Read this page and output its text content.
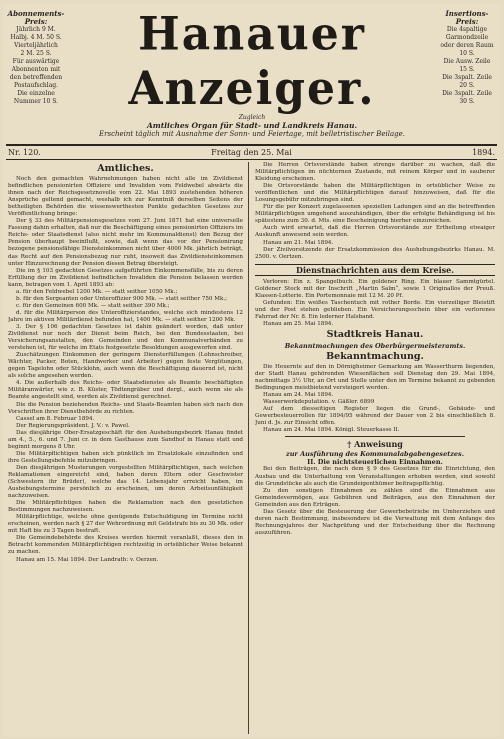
Abonnements-Preis:
Jährlich 9 M.
Halbj. 4 M. 50 S.
Vierteljährlich
2 M. 25 S.
Für auswärtige
Abonnenten mit
den betreffenden
Postaufschlag.
Die einzelne
Nummer 10 S.
Hanauer Anzeiger.
Zugleich
Amtliches Organ für Stadt- und Landkreis Hanau.
Erscheint täglich mit Ausnahme der Sonn- und Feiertage, mit belletristischer Beilage.
Insertions-Preis:
Die 4spaltige
Garmondzeile
oder deren Raum
10 S.
Die Ausw. Zeile
15 S.
Die 3spalt. Zeile
20 S.
Die 3spalt. Zeile
30 S.
Nr. 120.	Freitag den 25. Mai	1894.
Amtliches.

Noch den gemachten Wahrnehmungen haben nicht alle im Zivildienst befindlichen pensionirten Offiziere und Invaliden vom Feldwebel abwärts die ihnen nach der Reichsgesetznovelle vom 22. Mai 1893 zustehenden höheren Ansprüche geltend gemacht, weshalb ich zur Kenntniß derselben Seitens der betheiligten Behörden die wissenswerthesten Punkte gedachten Gesetzes zur Veröffentlichung bringe:

Der § 33 des Militärpensionsgesetzes vom 27. Juni 1871 hat eine universelle Fassung dahin erhalten, daß nur die Beschäftigung eines pensionirten Offiziers im Reichs- oder Staatsdienst (also nicht mehr im Kommunaldienst) den Bezug der Pension überhaupt beeinflußt, sowie, daß wenn das vor der Pensionirung bezogene pensionsfähige Diensteinkommen nicht über 4000 Mk. jährlich beträgt, das Recht auf den Pensionsbezug nur ruht, insoweit das Zivildiensteinkommen unter Hinzurechnung der Pension diesen Betrag übersteigt.

Die im § 103 gedachten Gesetzes aufgeführten Einkommensfälle, bis zu deren Erfüllung der im Zivildienst befindlichen Invaliden die Pension belassen werden kann, betragen vom 1. April 1893 ab:

a. für den Feldwebel 1200 Mk. — statt seither 1050 Mk.;

b. für den Sergeanten oder Unteroffizier 900 Mk. — statt seither 750 Mk.;

c. für den Gemeinen 600 Mk. — statt seither 390 Mk.;

d. für die Militärperson des Unteroffizierstandes, welche sich mindestens 12 Jahre im aktiven Militärdienst befunden hat, 1400 Mk. — statt seither 1200 Mk.

3. Der § 106 gedachten Gesetzes ist dahin geändert worden, daß unter Zivildienst nur noch der Dienst beim Reich, bei den Bundesstaaten, bei Versicherungsanstalten, den Gemeinden und den Kommunalverbänden zu verstehen ist, für welche im Etats festgesetzte Besoldungen ausgeworfen sind.

Zuschätzungen Einkommen der geringern Diensterfüllungen (Lohnschreiber, Wächter, Packer, Boten, Handwerker und Arbeiter) gegen feste Vergütungen, gegen Tagelohn oder Stücklohn, auch wenn die Beschäftigung dauernd ist, nicht als solche angesehen werden.

4. Die außerhalb des Reichs- oder Staatsdienstes als Beamte beschäftigten Militäranwärter, wie z. B. Küster, Tödtengräber und dergl., auch wenn sie als Beamte angestellt sind, werden als Zivildienst gerechnet.

Die die Pension beziehenden Reichs- und Staats-Beamten haben sich nach den Vorschriften ihrer Dienstbehörde zu richten.

Cassel am 8. Februar 1894.

Der Regierungspräsident. J. V.: v. Pawel.

Das diesjährige Ober-Ersatzgeschäft für den Aushebungsbezirk Hanau findet am 4., 5., 6. und 7. Juni cr. in dem Gasthause zum Sandhof in Hanau statt und beginnt morgens 8 Uhr.

Die Militärpflichtigen haben sich pünktlich im Ersatzlokale einzufinden und ihre Gestellungsbefehle mitzubringen.

Den diesjährigen Musterungen vorgestellten Militärpflichtigen, nach welchen Reklamationen eingereicht sind, haben deren Eltern oder Geschwister (Schwestern ihr Brüder), welche das 14. Lebensjahr erreicht haben, im Aushebungstermine persönlich zu erscheinen, um deren Arbeitsunfähigkeit nachzuweisen.

Die Militärpflichtigen haben die Reklamation nach den gesetzlichen Bestimmungen nachzuweisen.

Militärpflichtige, welche ohne genügende Entschuldigung im Termine nicht erscheinen, werden nach § 27 der Wehrordnung mit Geldstrafe bis zu 30 Mk. oder mit Haft bis zu 3 Tagen bestraft.

Die Gemeindebehörde des Kreises werden hiermit veranlaßt, dieses den in Betracht kommenden Militärpflichtigen rechtzeitig in ortsüblicher Weise bekannt zu machen.

Hanau am 15. Mai 1894. Der Landrath: v. Oerzen.

Die Herren Ortsvorstände haben strenge darüber zu wachen, daß die Militärpflichtigen im nüchternen Zustande, mit reinem Körper und in sauberer Kleidung erscheinen.

Die Ortsvorstände haben die Militärpflichtigen in ortsüblicher Weise zu veröffentlichen und die Militärpflichtigen darauf hinzuweisen, daß für die Losungsgebühr mitzubringen sind.

Für die per Konzert zugelassenen speziellen Ladungen sind an die betreffenden Militärpflichtigen umgehend auszuhändigen, über die erfolgte Behändigung ist bis spätestens zum 30. d. Mts. eine Bescheinigung hierher einzureichen.

Auch wird erwartet, daß die Herren Ortsvorstände zur Ertheilung etwaiger Auskunft anwesend sein werden.

Hanau am 21. Mai 1894.

Der Zivilvorsitzende der Ersatzkommission des Aushebungsbezirks Hanau. M. 2500. v. Oertzen.

Dienstnachrichten aus dem Kreise.

Verloren: Ein z. Spangelbuch. Ein goldener Ring. Ein blauer Sammtgürtel. Goldener Stock mit der Inschrift „Martin Salm“, sowie 1 Originallos der Preuß. Klassen-Lotterie. Ein Portemonnaie mit 12 M. 20 Pf.

Gefunden: Ein weißes Taschentuch mit rother Borde. Ein vierzeiliger Bleistift und der Post stehen geblieben. Ein Versicherungsschein über ein verlorenes Fahrrad der Nr. 8. Ein lederner Halsband.

Hanau am 25. Mai 1894.

Stadtkreis Hanau.
Bekanntmachungen des Oberbürgermeisteramts.
Bekanntmachung.

Die Heuernte auf den in Dörnigheimer Gemarkung am Wasserthurm liegenden, der Stadt Hanau gehörenden Wiesenflächen soll Dienstag den 29. Mai 1894, nachmittags 3½ Uhr, an Ort und Stelle unter den im Termine bekannt zu gebenden Bedingungen meistbietend versteigert werden.

Hanau am 24. Mai 1894.

Wasserwerkdeputation. v. Gäßler. 6899

Auf dem diesseitigen Register liegen die Grund-, Gebäude- und Gewerbesteuerrollen für 1894/95 während der Dauer von 2 bis einschließlich 8. Juni d. Js. zur Einsicht offen.

Hanau am 24. Mai 1894. Königl. Steuerkasse II.

† Anweisung
zur Ausführung des Kommunalabgabengesetzes.
II. Die nichtsteuerlichen Einnahmen.

Bei den Beiträgen, die nach dem § 9 des Gesetzes für die Einrichtung, den Ausbau und die Unterhaltung von Veranstaltungen erhoben werden, sind sowohl die Grundstücke als auch die Grundeigenthümer beitragspflichtig.

Zu den sonstigen Einnahmen zu zählen sind die Einnahmen aus Gemeindevermögen, aus Gebühren und Beiträgen, aus den Einnahmen der Gemeinden aus den Erträgen.

Das Gesetz über die Besteuerung der Gewerbebetriebe im Umherziehen und deren nach Bestimmung, insbesondere ist die Verwaltung mit dem Anfange des Rechnungsjahres der Nachprüfung und der Entscheidung über die Rechnung auszuführen.
